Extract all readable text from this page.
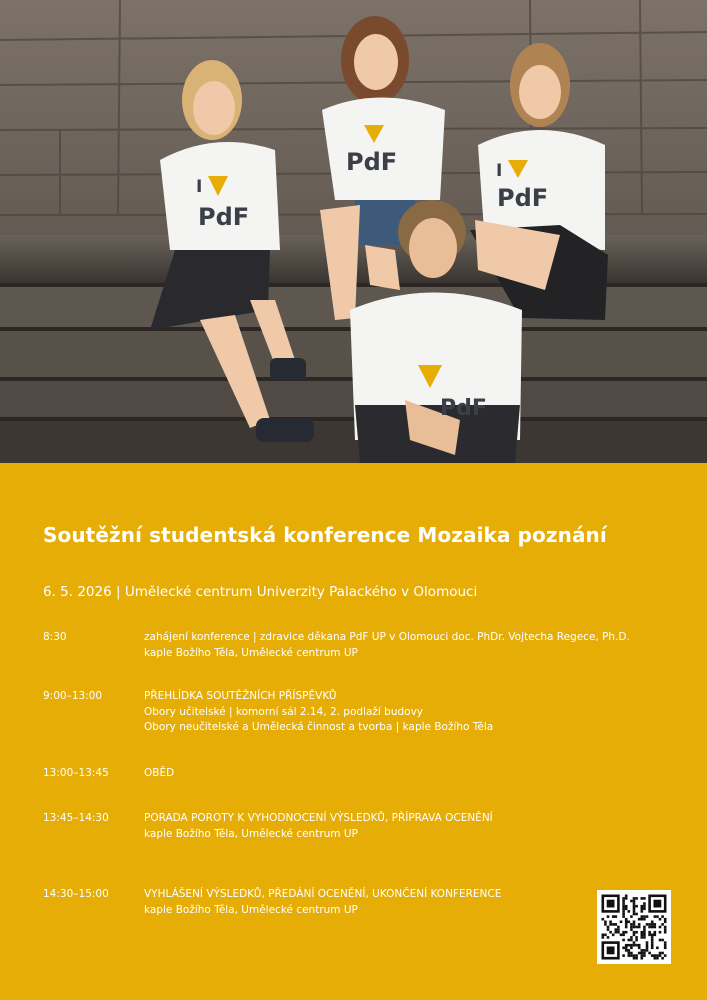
I
PdF
PdF	I
PdF
PdF
Soutěžní studentská konference Mozaika poznání
6. 5. 2026 | Umělecké centrum Univerzity Palackého v Olomouci
8:30	zahájení konference | zdravice děkana PdF UP v Olomouci doc. PhDr. Vojtecha Regece, Ph.D.
kaple Božího Těla, Umělecké centrum UP
9:00–13:00	PŘEHLÍDKA SOUTĚŽNÍCH PŘÍSPĚVKŮ
Obory učitelské | komorní sál 2.14, 2. podlaží budovy
Obory neučitelské a Umělecká činnost a tvorba | kaple Božího Těla
13:00–13:45	OBĚD
13:45–14:30	PORADA POROTY K VYHODNOCENÍ VÝSLEDKŮ, PŘÍPRAVA OCENĚNÍ
kaple Božího Těla, Umělecké centrum UP
14:30–15:00	VYHLÁŠENÍ VÝSLEDKŮ, PŘEDÁNÍ OCENĚNÍ, UKONČENÍ KONFERENCE
kaple Božího Těla, Umělecké centrum UP
